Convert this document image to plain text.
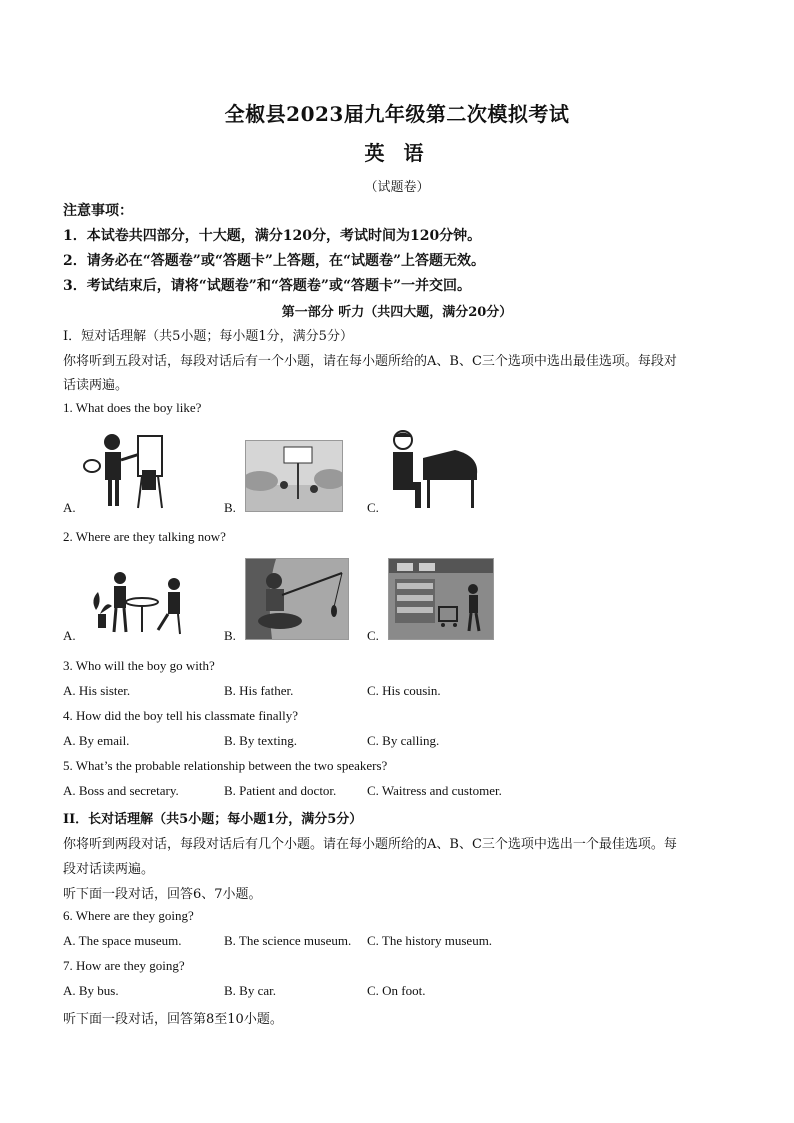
全椒县2023届九年级第二次模拟考试
英 语
（试题卷）
注意事项：
1．本试卷共四部分，十大题，满分120分，考试时间为120分钟。
2．请务必在“答题卷”或“答题卡”上答题，在“试题卷”上答题无效。
3．考试结束后，请将“试题卷”和“答题卷”或“答题卡”一并交回。
第一部分 听力（共四大题，满分20分）
I．短对话理解（共5小题；每小题1分，满分5分）
你将听到五段对话，每段对话后有一个小题，请在每小题所给的A、B、C三个选项中选出最佳选项。每段对
话读两遍。
1. What does the boy like?
A.	B.	C.
2. Where are they talking now?
A.	B.	C.
3. Who will the boy go with?
A. His sister.	B. His father.	C. His cousin.
4. How did the boy tell his classmate finally?
A. By email.	B. By texting.	C. By calling.
5. What’s the probable relationship between the two speakers?
A. Boss and secretary.	B. Patient and doctor. C. Waitress and customer.
II．长对话理解（共5小题；每小题1分，满分5分）
你将听到两段对话，每段对话后有几个小题。请在每小题所给的A、B、C三个选项中选出一个最佳选项。每
段对话读两遍。
听下面一段对话，回答6、7小题。
6. Where are they going?
A. The space museum.	B. The science museum. C. The history museum.
7. How are they going?
A. By bus.	B. By car.	C. On foot.
听下面一段对话，回答第8至10小题。
